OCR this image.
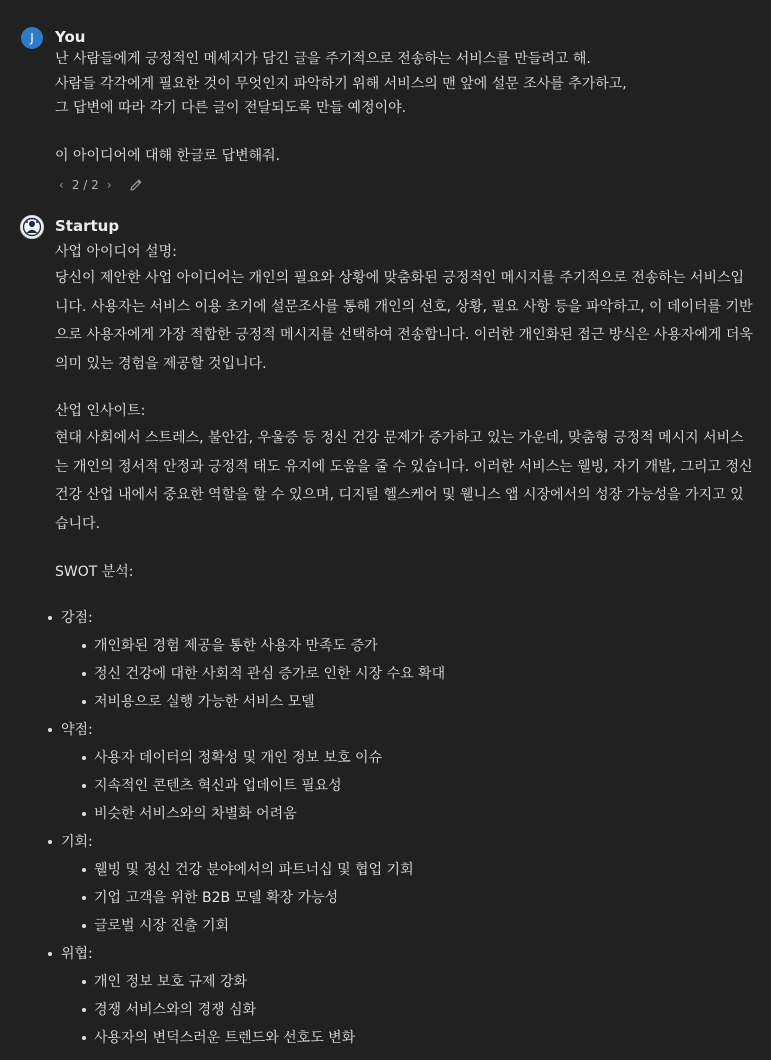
J	You
난 사람들에게 긍정적인 메세지가 담긴 글을 주기적으로 전송하는 서비스를 만들려고 해.
사람들 각각에게 필요한 것이 무엇인지 파악하기 위해 서비스의 맨 앞에 설문 조사를 추가하고,
그 답변에 따라 각기 다른 글이 전달되도록 만들 예정이야.
이 아이디어에 대해 한글로 답변해줘.
‹ 2 / 2 ›
Startup
사업 아이디어 설명:

당신이 제안한 사업 아이디어는 개인의 필요와 상황에 맞춤화된 긍정적인 메시지를 주기적으로 전송하는 서비스입니다. 사용자는 서비스 이용 초기에 설문조사를 통해 개인의 선호, 상황, 필요 사항 등을 파악하고, 이 데이터를 기반으로 사용자에게 가장 적합한 긍정적 메시지를 선택하여 전송합니다. 이러한 개인화된 접근 방식은 사용자에게 더욱 의미 있는 경험을 제공할 것입니다.

산업 인사이트:

현대 사회에서 스트레스, 불안감, 우울증 등 정신 건강 문제가 증가하고 있는 가운데, 맞춤형 긍정적 메시지 서비스는 개인의 정서적 안정과 긍정적 태도 유지에 도움을 줄 수 있습니다. 이러한 서비스는 웰빙, 자기 개발, 그리고 정신 건강 산업 내에서 중요한 역할을 할 수 있으며, 디지털 헬스케어 및 웰니스 앱 시장에서의 성장 가능성을 가지고 있습니다.

SWOT 분석:
강점:
개인화된 경험 제공을 통한 사용자 만족도 증가
정신 건강에 대한 사회적 관심 증가로 인한 시장 수요 확대
저비용으로 실행 가능한 서비스 모델
약점:
사용자 데이터의 정확성 및 개인 정보 보호 이슈
지속적인 콘텐츠 혁신과 업데이트 필요성
비슷한 서비스와의 차별화 어려움
기회:
웰빙 및 정신 건강 분야에서의 파트너십 및 협업 기회
기업 고객을 위한 B2B 모델 확장 가능성
글로벌 시장 진출 기회
위협:
개인 정보 보호 규제 강화
경쟁 서비스와의 경쟁 심화
사용자의 변덕스러운 트렌드와 선호도 변화
